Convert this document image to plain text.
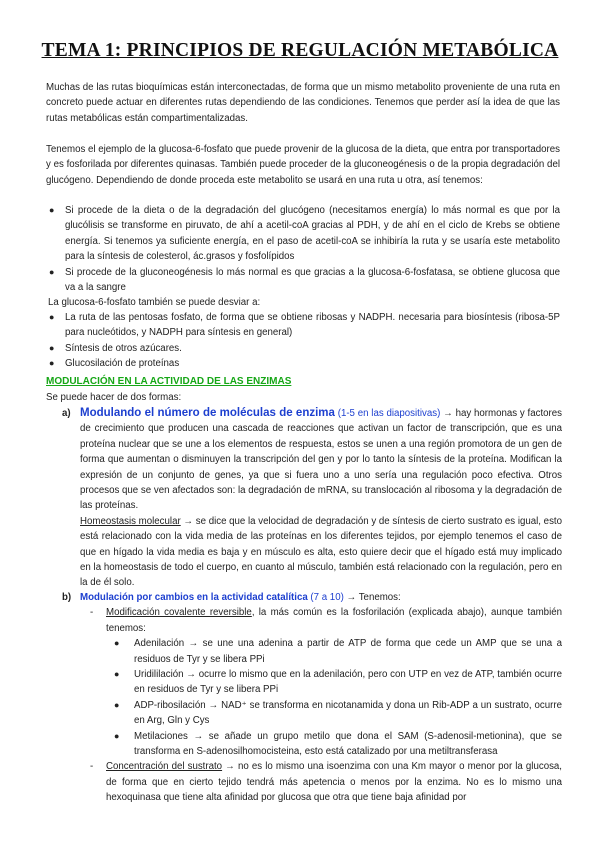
TEMA 1: PRINCIPIOS DE REGULACIÓN METABÓLICA

Muchas de las rutas bioquímicas están interconectadas, de forma que un mismo metabolito proveniente de una ruta en concreto puede actuar en diferentes rutas dependiendo de las condiciones. Tenemos que perder así la idea de que las rutas metabólicas están compartimentalizadas.

Tenemos el ejemplo de la glucosa-6-fosfato que puede provenir de la glucosa de la dieta, que entra por transportadores y es fosforilada por diferentes quinasas. También puede proceder de la gluconeogénesis o de la propia degradación del glucógeno. Dependiendo de donde proceda este metabolito se usará en una ruta u otra, así tenemos:

● Si procede de la dieta o de la degradación del glucógeno (necesitamos energía) lo más normal es que por la glucólisis se transforme en piruvato, de ahí a acetil-coA gracias al PDH, y de ahí en el ciclo de Krebs se obtiene energía. Si tenemos ya suficiente energía, en el paso de acetil-coA se inhibiría la ruta y se usaría este metabolito para la síntesis de colesterol, ác.grasos y fosfolípidos
● Si procede de la gluconeogénesis lo más normal es que gracias a la glucosa-6-fosfatasa, se obtiene glucosa que va a la sangre

La glucosa-6-fosfato también se puede desviar a:

● La ruta de las pentosas fosfato, de forma que se obtiene ribosas y NADPH. necesaria para biosíntesis (ribosa-5P para nucleótidos, y NADPH para síntesis en general)
● Síntesis de otros azúcares.
● Glucosilación de proteínas

MODULACIÓN EN LA ACTIVIDAD DE LAS ENZIMAS

Se puede hacer de dos formas:

a) Modulando el número de moléculas de enzima (1-5 en las diapositivas) → hay hormonas y factores de crecimiento que producen una cascada de reacciones que activan un factor de transcripción, que es una proteína nuclear que se une a los elementos de respuesta, estos se unen a una región promotora de un gen de forma que aumentan o disminuyen la transcripción del gen y por lo tanto la síntesis de la proteína. Modifican la expresión de un conjunto de genes, ya que si fuera uno a uno sería una regulación poco efectiva. Otros procesos que se ven afectados son: la degradación de mRNA, su translocación al ribosoma y la degradación de las proteínas.
Homeostasis molecular → se dice que la velocidad de degradación y de síntesis de cierto sustrato es igual, esto está relacionado con la vida media de las proteínas en los diferentes tejidos, por ejemplo tenemos el caso de que en hígado la vida media es baja y en músculo es alta, esto quiere decir que el hígado está muy implicado en la homeostasis de todo el cuerpo, en cuanto al músculo, también está relacionado con la regulación, pero en la de él solo.
b) Modulación por cambios en la actividad catalítica (7 a 10) → Tenemos:
- Modificación covalente reversible, la más común es la fosforilación (explicada abajo), aunque también tenemos:
● Adenilación → se une una adenina a partir de ATP de forma que cede un AMP que se una a residuos de Tyr y se libera PPi
● Uridililación → ocurre lo mismo que en la adenilación, pero con UTP en vez de ATP, también ocurre en residuos de Tyr y se libera PPi
● ADP-ribosilación → NAD⁺ se transforma en nicotanamida y dona un Rib-ADP a un sustrato, ocurre en Arg, Gln y Cys
● Metilaciones → se añade un grupo metilo que dona el SAM (S-adenosil-metionina), que se transforma en S-adenosilhomocisteina, esto está catalizado por una metiltransferasa
- Concentración del sustrato → no es lo mismo una isoenzima con una Km mayor o menor por la glucosa, de forma que en cierto tejido tendrá más apetencia o menos por la enzima. No es lo mismo una hexoquinasa que tiene alta afinidad por glucosa que otra que tiene baja afinidad por
